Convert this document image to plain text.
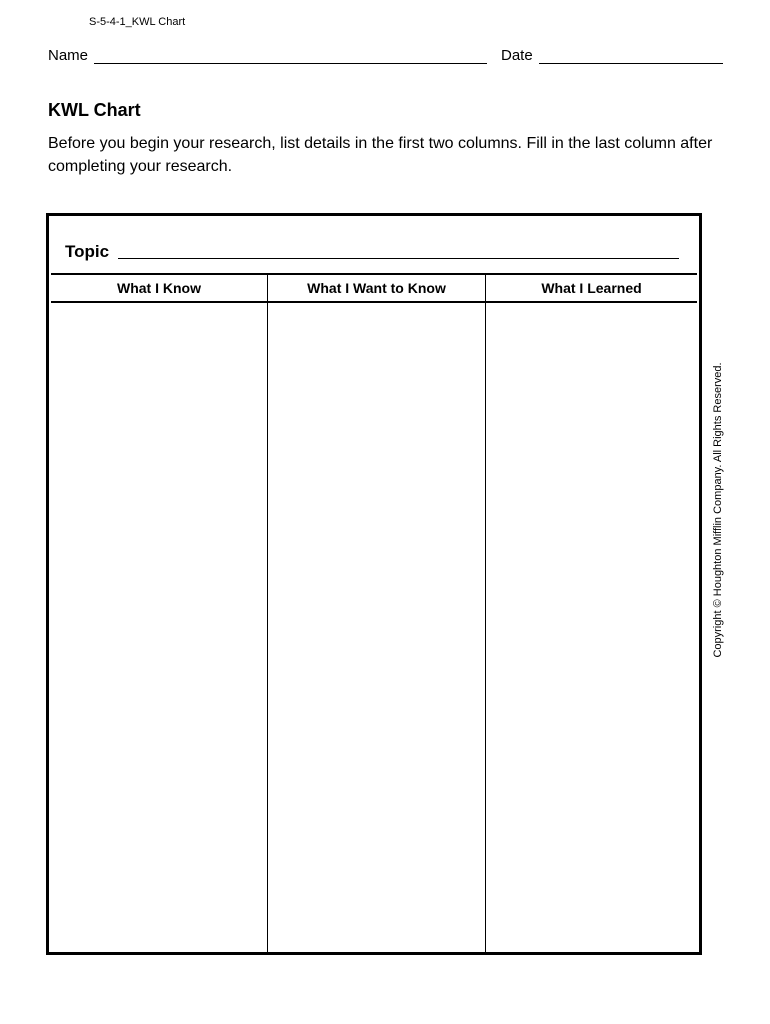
S-5-4-1_KWL Chart
Name	Date
KWL Chart
Before you begin your research, list details in the first two columns. Fill in the last column after completing your research.
Topic
What I Know	What I Want to Know	What I Learned
Copyright © Houghton Mifflin Company. All Rights Reserved.
